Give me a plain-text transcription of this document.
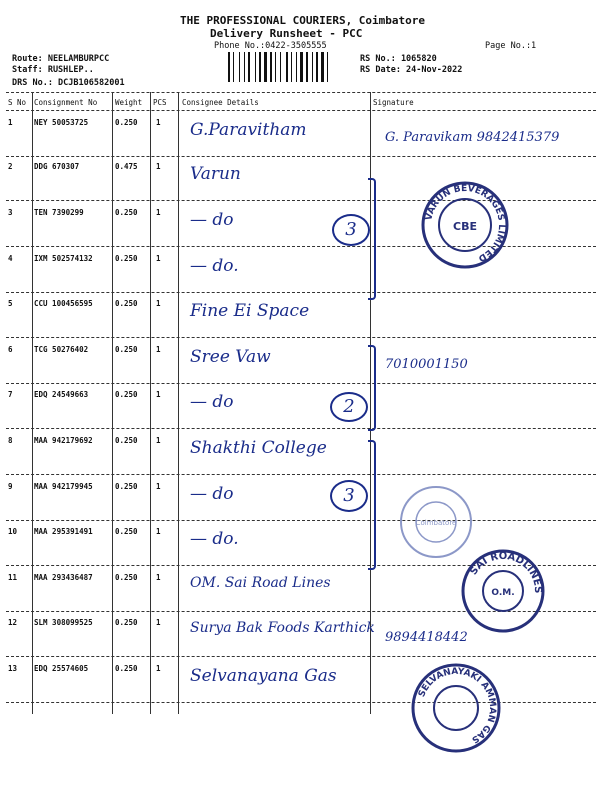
THE PROFESSIONAL COURIERS, Coimbatore
Delivery Runsheet - PCC
Phone No.:0422-3505555	Page No.:1
Route: NEELAMBURPCC
Staff: RUSHLEP..
DRS No.: DCJB106582001
RS No.: 1065820
RS Date: 24-Nov-2022
S No Consignment No Weight PCS Consignee Details	Signature
1	NEY 50053725	0.250 1 G.Paravitham	G. Paravikam 9842415379
2	DDG 670307	0.475 1 Varun
3	TEN 7390299	0.250 1 — do
4	IXM 502574132	0.250 1 — do.
5	CCU 100456595	0.250 1 Fine Ei Space
6	TCG 50276402	0.250 1 Sree Vaw	7010001150
7	EDQ 24549663	0.250 1 — do
8	MAA 942179692	0.250 1 Shakthi College
9	MAA 942179945	0.250 1 — do
10 MAA 295391491	0.250 1 — do.
11 MAA 293436487	0.250 1 OM. Sai Road Lines
12 SLM 308099525	0.250 1 Surya Bak Foods Karthick
9894418442
13 EDQ 25574605	0.250 1 Selvanayana Gas
3
2
3
VARUN BEVERAGES LIMITED
CBE
Coimbatore
SAI ROADLINES
O.M.
SELVANAYAKI AMMAN GAS
